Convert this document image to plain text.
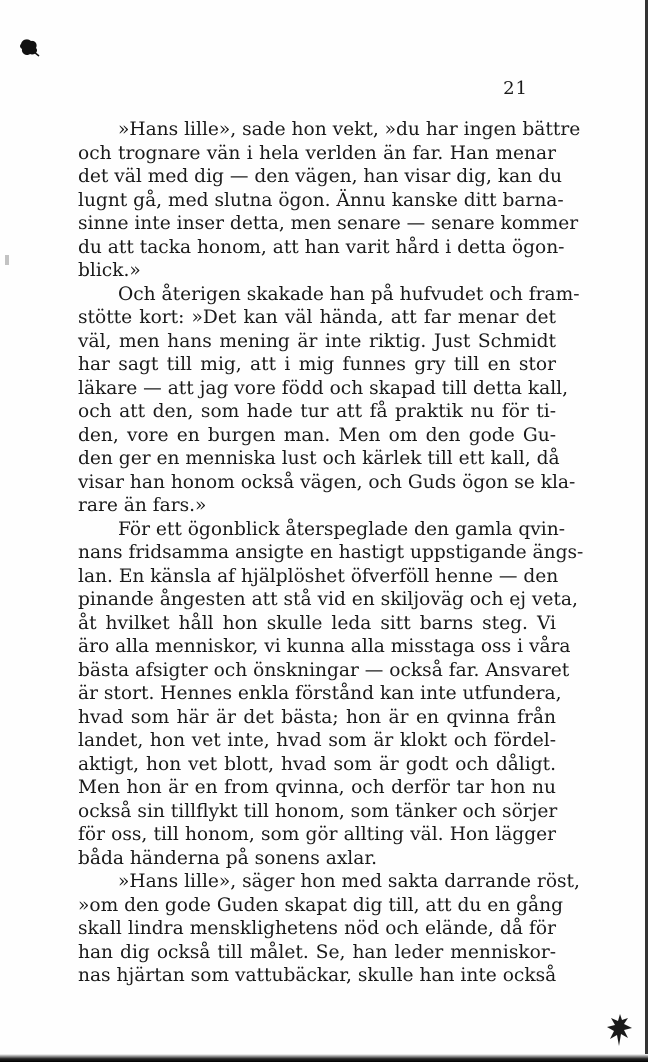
21
»Hans lille», sade hon vekt, »du har ingen bättre
och trognare vän i hela verlden än far. Han menar
det väl med dig — den vägen, han visar dig, kan du
lugnt gå, med slutna ögon. Ännu kanske ditt barna-
sinne inte inser detta, men senare — senare kommer
du att tacka honom, att han varit hård i detta ögon-
blick.»
Och återigen skakade han på hufvudet och fram-
stötte kort: »Det kan väl hända, att far menar det
väl, men hans mening är inte riktig. Just Schmidt
har sagt till mig, att i mig funnes gry till en stor
läkare — att jag vore född och skapad till detta kall,
och att den, som hade tur att få praktik nu för ti-
den, vore en burgen man. Men om den gode Gu-
den ger en menniska lust och kärlek till ett kall, då
visar han honom också vägen, och Guds ögon se kla-
rare än fars.»
För ett ögonblick återspeglade den gamla qvin-
nans fridsamma ansigte en hastigt uppstigande ängs-
lan. En känsla af hjälplöshet öfverföll henne — den
pinande ångesten att stå vid en skiljoväg och ej veta,
åt hvilket håll hon skulle leda sitt barns steg. Vi
äro alla menniskor, vi kunna alla misstaga oss i våra
bästa afsigter och önskningar — också far. Ansvaret
är stort. Hennes enkla förstånd kan inte utfundera,
hvad som här är det bästa; hon är en qvinna från
landet, hon vet inte, hvad som är klokt och fördel-
aktigt, hon vet blott, hvad som är godt och dåligt.
Men hon är en from qvinna, och derför tar hon nu
också sin tillflykt till honom, som tänker och sörjer
för oss, till honom, som gör allting väl. Hon lägger
båda händerna på sonens axlar.
»Hans lille», säger hon med sakta darrande röst,
»om den gode Guden skapat dig till, att du en gång
skall lindra mensklighetens nöd och elände, då för
han dig också till målet. Se, han leder menniskor-
nas hjärtan som vattubäckar, skulle han inte också
